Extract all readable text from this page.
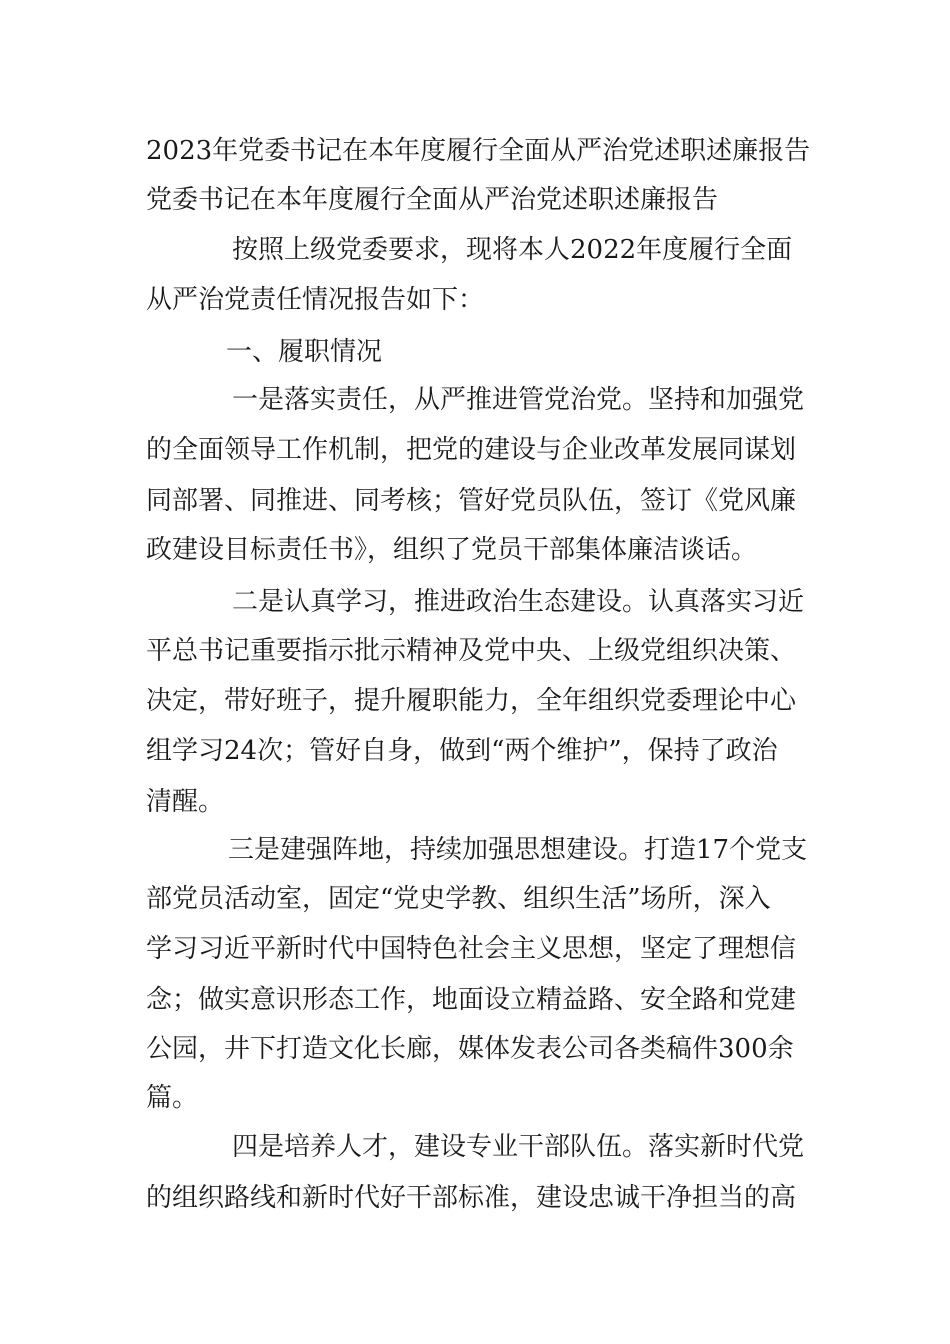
2023年党委书记在本年度履行全面从严治党述职述廉报告
党委书记在本年度履行全面从严治党述职述廉报告
按照上级党委要求，现将本人2022年度履行全面
从严治党责任情况报告如下：
一、履职情况
一是落实责任，从严推进管党治党。坚持和加强党
的全面领导工作机制，把党的建设与企业改革发展同谋划
同部署、同推进、同考核；管好党员队伍，签订《党风廉
政建设目标责任书》，组织了党员干部集体廉洁谈话。
二是认真学习，推进政治生态建设。认真落实习近
平总书记重要指示批示精神及党中央、上级党组织决策、
决定，带好班子，提升履职能力，全年组织党委理论中心
组学习24次；管好自身，做到“两个维护”，保持了政治
清醒。
三是建强阵地，持续加强思想建设。打造17个党支
部党员活动室，固定“党史学教、组织生活”场所，深入
学习习近平新时代中国特色社会主义思想，坚定了理想信
念；做实意识形态工作，地面设立精益路、安全路和党建
公园，井下打造文化长廊，媒体发表公司各类稿件300余
篇。
四是培养人才，建设专业干部队伍。落实新时代党
的组织路线和新时代好干部标准，建设忠诚干净担当的高
